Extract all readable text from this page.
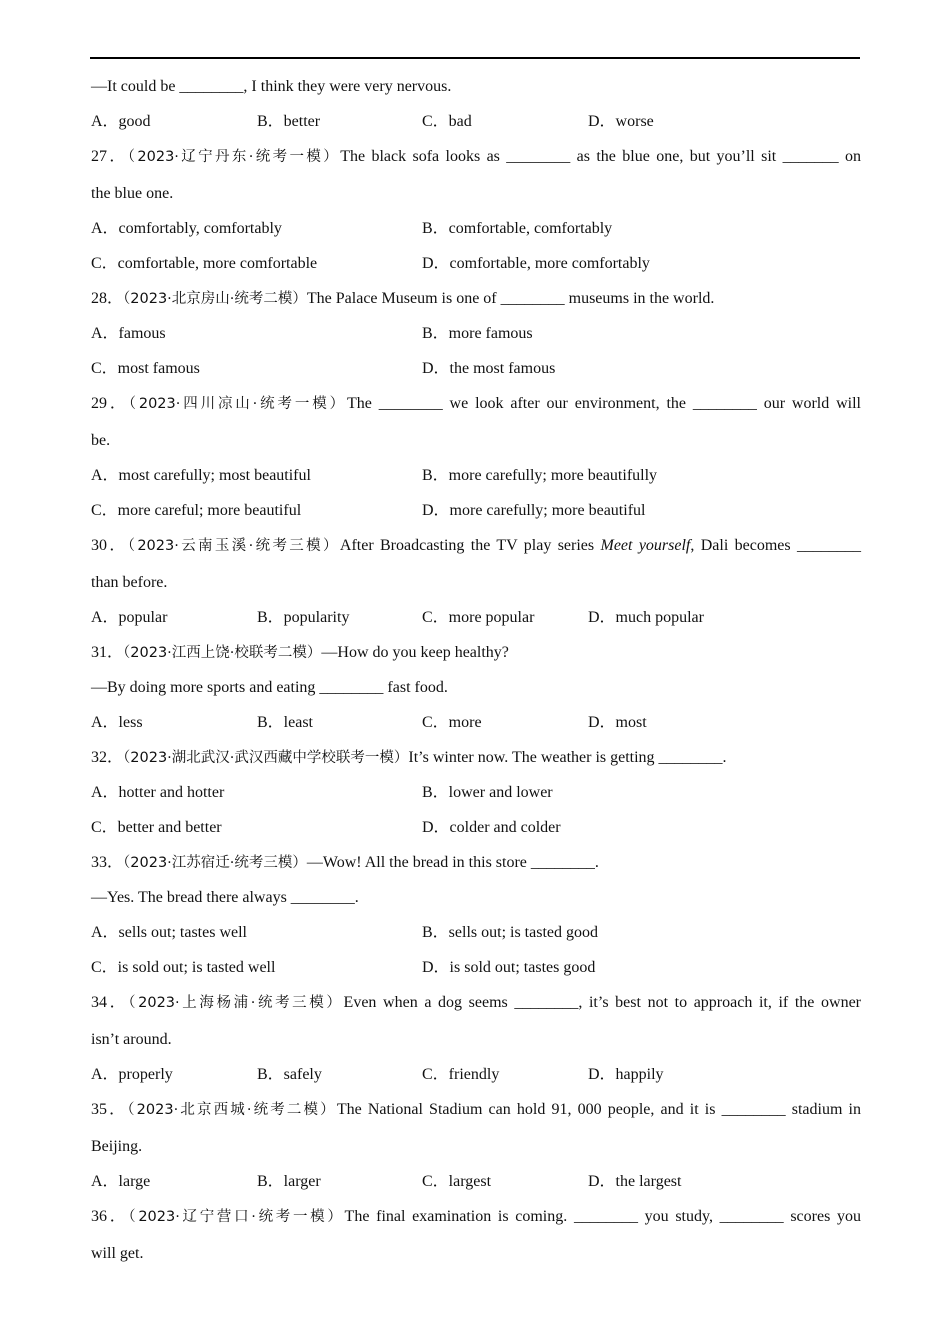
—It could be ________, I think they were very nervous.
A．good	B．better	C．bad	D．worse
27．（2023·辽宁丹东·统考一模）The black sofa looks as ________ as the blue one, but you’ll sit _______ on
the blue one.
A．comfortably, comfortably	B．comfortable, comfortably
C．comfortable, more comfortable	D．comfortable, more comfortably
28．（2023·北京房山·统考二模）The Palace Museum is one of ________ museums in the world.
A．famous	B．more famous
C．most famous	D．the most famous
29．（2023·四川凉山·统考一模）The ________ we look after our environment, the ________ our world will
be.
A．most carefully; most beautiful	B．more carefully; more beautifully
C．more careful; more beautiful	D．more carefully; more beautiful
30．（2023·云南玉溪·统考三模）After Broadcasting the TV play series Meet yourself, Dali becomes ________
than before.
A．popular	B．popularity	C．more popular	D．much popular
31．（2023·江西上饶·校联考二模）—How do you keep healthy?
—By doing more sports and eating ________ fast food.
A．less	B．least	C．more	D．most
32．（2023·湖北武汉·武汉西藏中学校联考一模）It’s winter now. The weather is getting ________.
A．hotter and hotter	B．lower and lower
C．better and better	D．colder and colder
33．（2023·江苏宿迁·统考三模）—Wow! All the bread in this store ________.
—Yes. The bread there always ________.
A．sells out; tastes well	B．sells out; is tasted good
C．is sold out; is tasted well	D．is sold out; tastes good
34．（2023·上海杨浦·统考三模）Even when a dog seems ________, it’s best not to approach it, if the owner
isn’t around.
A．properly	B．safely	C．friendly	D．happily
35．（2023·北京西城·统考二模）The National Stadium can hold 91, 000 people, and it is ________ stadium in
Beijing.
A．large	B．larger	C．largest	D．the largest
36．（2023·辽宁营口·统考一模）The final examination is coming. ________ you study, ________ scores you
will get.
